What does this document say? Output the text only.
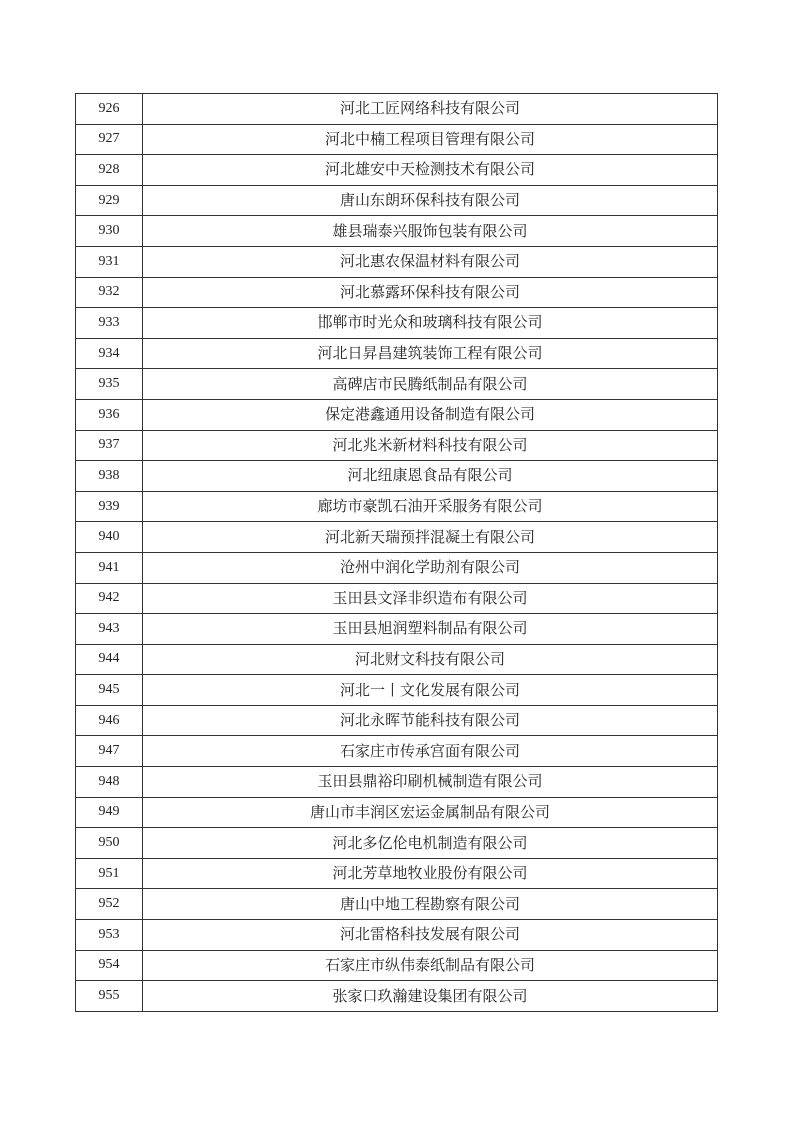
926	河北工匠网络科技有限公司
927	河北中楠工程项目管理有限公司
928	河北雄安中天检测技术有限公司
929	唐山东朗环保科技有限公司
930	雄县瑞泰兴服饰包装有限公司
931	河北惠农保温材料有限公司
932	河北慕露环保科技有限公司
933	邯郸市时光众和玻璃科技有限公司
934	河北日昇昌建筑装饰工程有限公司
935	高碑店市民腾纸制品有限公司
936	保定港鑫通用设备制造有限公司
937	河北兆米新材料科技有限公司
938	河北纽康恩食品有限公司
939	廊坊市豪凯石油开采服务有限公司
940	河北新天瑞预拌混凝土有限公司
941	沧州中润化学助剂有限公司
942	玉田县文泽非织造布有限公司
943	玉田县旭润塑料制品有限公司
944	河北财文科技有限公司
945	河北一丨文化发展有限公司
946	河北永晖节能科技有限公司
947	石家庄市传承宫面有限公司
948	玉田县鼎裕印刷机械制造有限公司
949	唐山市丰润区宏运金属制品有限公司
950	河北多亿伦电机制造有限公司
951	河北芳草地牧业股份有限公司
952	唐山中地工程勘察有限公司
953	河北雷格科技发展有限公司
954	石家庄市纵伟泰纸制品有限公司
955	张家口玖瀚建设集团有限公司
